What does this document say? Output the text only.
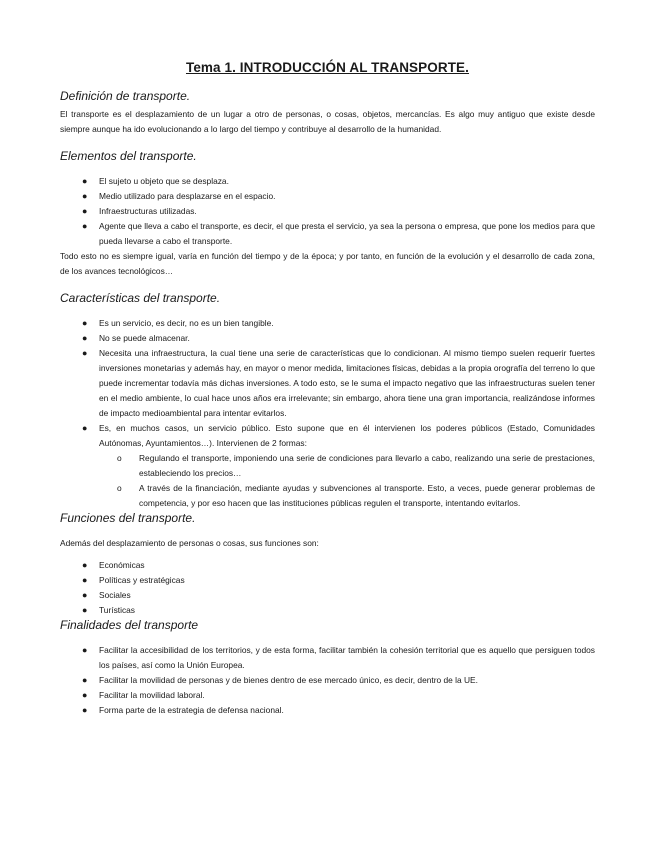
Tema 1. INTRODUCCIÓN AL TRANSPORTE.
Definición de transporte.

El transporte es el desplazamiento de un lugar a otro de personas, o cosas, objetos, mercancías. Es algo muy antiguo que existe desde siempre aunque ha ido evolucionando a lo largo del tiempo y contribuye al desarrollo de la humanidad.

Elementos del transporte.
● El sujeto u objeto que se desplaza.
● Medio utilizado para desplazarse en el espacio.
● Infraestructuras utilizadas.
● Agente que lleva a cabo el transporte, es decir, el que presta el servicio, ya sea la persona o empresa, que pone los medios para que pueda llevarse a cabo el transporte.

Todo esto no es siempre igual, varía en función del tiempo y de la época; y por tanto, en función de la evolución y el desarrollo de cada zona, de los avances tecnológicos…

Características del transporte.
● Es un servicio, es decir, no es un bien tangible.
● No se puede almacenar.
● Necesita una infraestructura, la cual tiene una serie de características que lo condicionan. Al mismo tiempo suelen requerir fuertes inversiones monetarias y además hay, en mayor o menor medida, limitaciones físicas, debidas a la propia orografía del terreno lo que puede incrementar todavía más dichas inversiones. A todo esto, se le suma el impacto negativo que las infraestructuras suelen tener en el medio ambiente, lo cual hace unos años era irrelevante; sin embargo, ahora tiene una gran importancia, realizándose informes de impacto medioambiental para intentar evitarlos.
● Es, en muchos casos, un servicio público. Esto supone que en él intervienen los poderes públicos (Estado, Comunidades Autónomas, Ayuntamientos…). Intervienen de 2 formas:
o Regulando el transporte, imponiendo una serie de condiciones para llevarlo a cabo, realizando una serie de prestaciones, estableciendo los precios…
o A través de la financiación, mediante ayudas y subvenciones al transporte. Esto, a veces, puede generar problemas de competencia, y por eso hacen que las instituciones públicas regulen el transporte, intentando evitarlos.
Funciones del transporte.

Además del desplazamiento de personas o cosas, sus funciones son:

● Económicas
● Políticas y estratégicas
● Sociales
● Turísticas
Finalidades del transporte
● Facilitar la accesibilidad de los territorios, y de esta forma, facilitar también la cohesión territorial que es aquello que persiguen todos los países, así como la Unión Europea.
● Facilitar la movilidad de personas y de bienes dentro de ese mercado único, es decir, dentro de la UE.
● Facilitar la movilidad laboral.
● Forma parte de la estrategia de defensa nacional.
